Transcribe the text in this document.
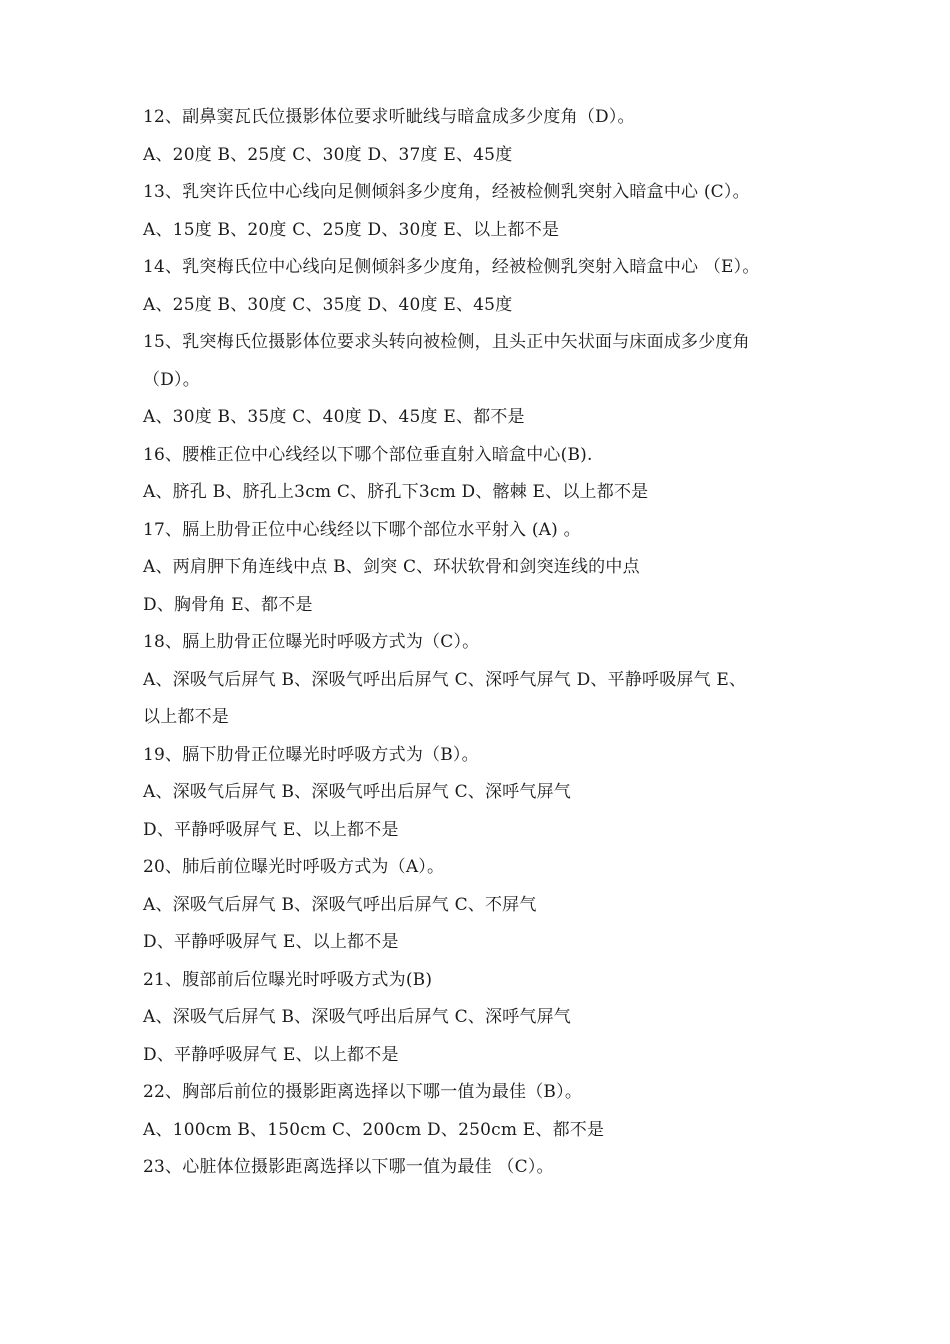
12、副鼻窦瓦氏位摄影体位要求听眦线与暗盒成多少度角（D）。
A、20度 B、25度 C、30度 D、37度 E、45度
13、乳突许氏位中心线向足侧倾斜多少度角，经被检侧乳突射入暗盒中心 (C）。
A、15度 B、20度 C、25度 D、30度 E、以上都不是
14、乳突梅氏位中心线向足侧倾斜多少度角，经被检侧乳突射入暗盒中心 （E）。
A、25度 B、30度 C、35度 D、40度 E、45度
15、乳突梅氏位摄影体位要求头转向被检侧，且头正中矢状面与床面成多少度角
（D）。
A、30度 B、35度 C、40度 D、45度 E、都不是
16、腰椎正位中心线经以下哪个部位垂直射入暗盒中心(B).
A、脐孔 B、脐孔上3cm C、脐孔下3cm D、髂棘 E、以上都不是
17、膈上肋骨正位中心线经以下哪个部位水平射入 (A) 。
A、两肩胛下角连线中点 B、剑突 C、环状软骨和剑突连线的中点
D、胸骨角 E、都不是
18、膈上肋骨正位曝光时呼吸方式为（C）。
A、深吸气后屏气 B、深吸气呼出后屏气 C、深呼气屏气 D、平静呼吸屏气 E、
以上都不是
19、膈下肋骨正位曝光时呼吸方式为（B）。
A、深吸气后屏气 B、深吸气呼出后屏气 C、深呼气屏气
D、平静呼吸屏气 E、以上都不是
20、肺后前位曝光时呼吸方式为（A）。
A、深吸气后屏气 B、深吸气呼出后屏气 C、不屏气
D、平静呼吸屏气 E、以上都不是
21、腹部前后位曝光时呼吸方式为(B)
A、深吸气后屏气 B、深吸气呼出后屏气 C、深呼气屏气
D、平静呼吸屏气 E、以上都不是
22、胸部后前位的摄影距离选择以下哪一值为最佳（B）。
A、100cm B、150cm C、200cm D、250cm E、都不是
23、心脏体位摄影距离选择以下哪一值为最佳 （C）。
